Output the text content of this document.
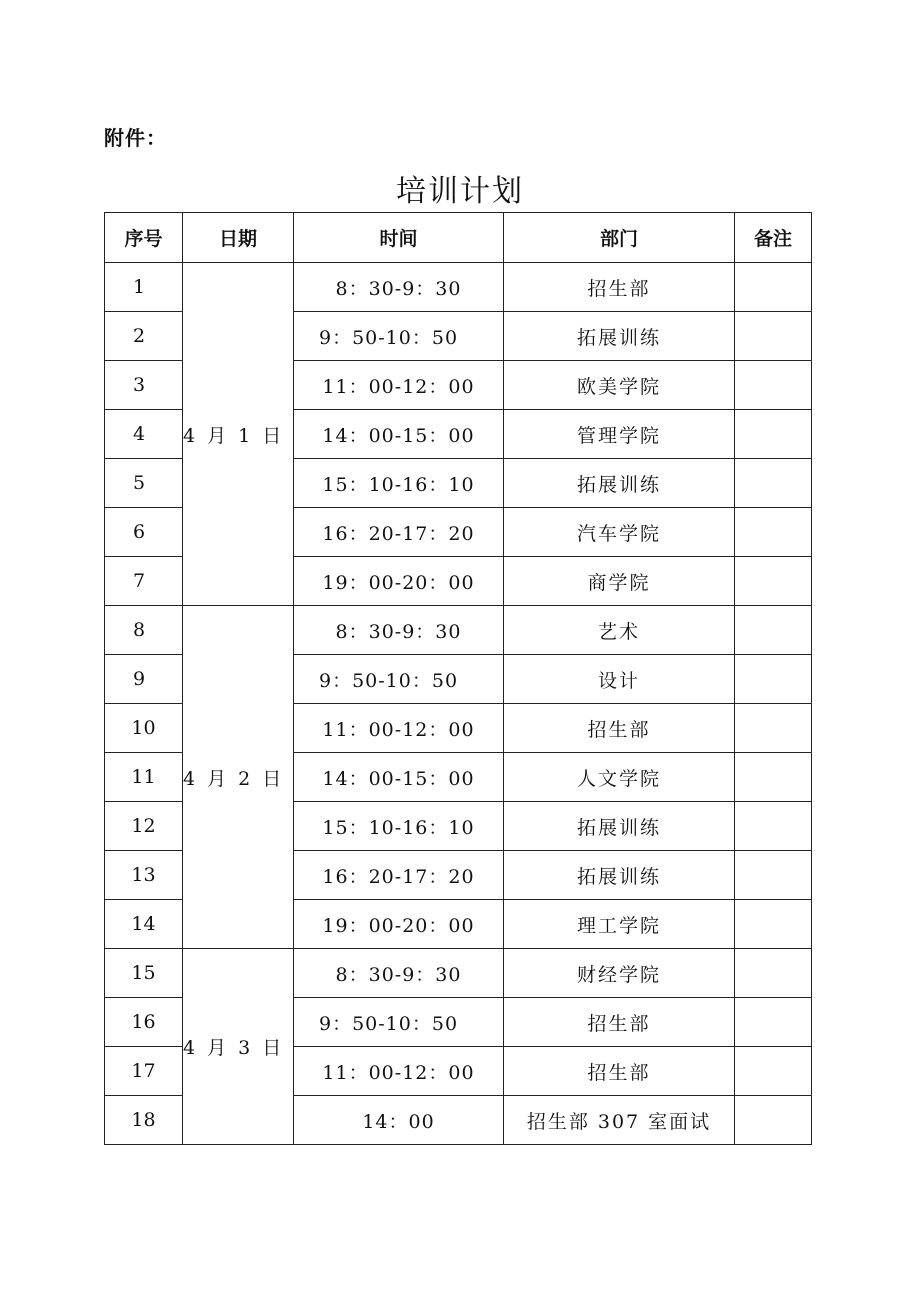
附件：
培训计划
序号	日期	时间	部门	备注
1	4 月 1 日	8：30-9：30	招生部	
2		9：50-10：50	拓展训练	
3		11：00-12：00	欧美学院	
4		14：00-15：00	管理学院	
5		15：10-16：10	拓展训练	
6		16：20-17：20	汽车学院	
7		19：00-20：00	商学院	
8	4 月 2 日	8：30-9：30	艺术	
9		9：50-10：50	设计	
10		11：00-12：00	招生部	
11		14：00-15：00	人文学院	
12		15：10-16：10	拓展训练	
13		16：20-17：20	拓展训练	
14		19：00-20：00	理工学院	
15	4 月 3 日	8：30-9：30	财经学院	
16		9：50-10：50	招生部	
17		11：00-12：00	招生部	
18		14：00	招生部 307 室面试	
